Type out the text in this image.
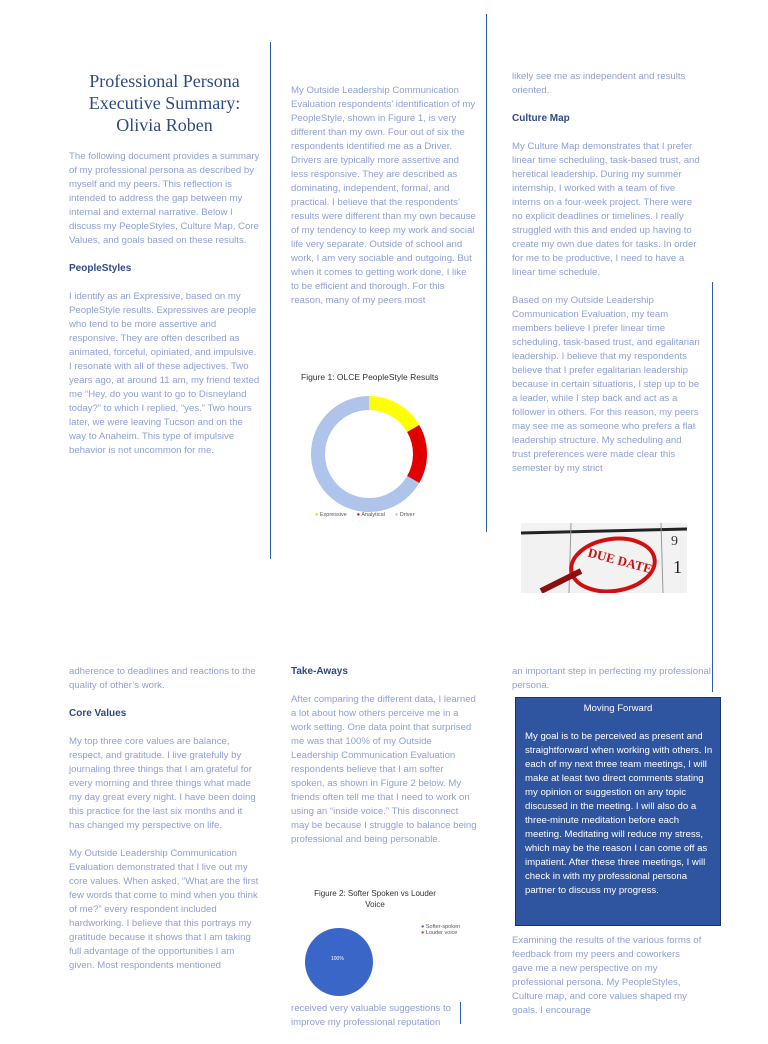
Professional Persona Executive Summary: Olivia Roben

The following document provides a summary of my professional persona as described by myself and my peers. This reflection is intended to address the gap between my internal and external narrative. Below I discuss my PeopleStyles, Culture Map, Core Values, and goals based on these results.

PeopleStyles

I identify as an Expressive, based on my PeopleStyle results. Expressives are people who tend to be more assertive and responsive. They are often described as animated, forceful, opiniated, and impulsive. I resonate with all of these adjectives. Two years ago, at around 11 am, my friend texted me “Hey, do you want to go to Disneyland today?” to which I replied, “yes.” Two hours later, we were leaving Tucson and on the way to Anaheim. This type of impulsive behavior is not uncommon for me.

My Outside Leadership Communication Evaluation respondents’ identification of my PeopleStyle, shown in Figure 1, is very different than my own. Four out of six the respondents identified me as a Driver. Drivers are typically more assertive and less responsive. They are described as dominating, independent, formal, and practical. I believe that the respondents’ results were different than my own because of my tendency to keep my work and social life very separate. Outside of school and work, I am very sociable and outgoing. But when it comes to getting work done, I like to be efficient and thorough. For this reason, many of my peers most

Figure 1: OLCE PeopleStyle Results
● Expressive ● Analytical ● Driver

likely see me as independent and results oriented.

Culture Map

My Culture Map demonstrates that I prefer linear time scheduling, task-based trust, and heretical leadership. During my summer internship, I worked with a team of five interns on a four-week project. There were no explicit deadlines or timelines. I really struggled with this and ended up having to create my own due dates for tasks. In order for me to be productive, I need to have a linear time schedule.

Based on my Outside Leadership Communication Evaluation, my team members believe I prefer linear time scheduling, task-based trust, and egalitarian leadership. I believe that my respondents believe that I prefer egalitarian leadership because in certain situations, I step up to be a leader, while I step back and act as a follower in others. For this reason, my peers may see me as someone who prefers a flat leadership structure. My scheduling and trust preferences were made clear this semester by my strict

9
DUE DATE 1

adherence to deadlines and reactions to the quality of other’s work.

Core Values

My top three core values are balance, respect, and gratitude. I live gratefully by journaling three things that I am grateful for every morning and three things what made my day great every night. I have been doing this practice for the last six months and it has changed my perspective on life.

My Outside Leadership Communication Evaluation demonstrated that I live out my core values. When asked, “What are the first few words that come to mind when you think of me?” every respondent included hardworking. I believe that this portrays my gratitude because it shows that I am taking full advantage of the opportunities I am given. Most respondents mentioned

Take-Aways

After comparing the different data, I learned a lot about how others perceive me in a work setting. One data point that surprised me was that 100% of my Outside Leadership Communication Evaluation respondents believe that I am softer spoken, as shown in Figure 2 below. My friends often tell me that I need to work on using an “inside voice.” This disconnect may be because I struggle to balance being professional and being personable.

Figure 2: Softer Spoken vs Louder Voice
● Softer-spoken
● Louder voice
100%

received very valuable suggestions to improve my professional reputation

an important step in perfecting my professional persona.

Moving Forward

My goal is to be perceived as present and straightforward when working with others. In each of my next three team meetings, I will make at least two direct comments stating my opinion or suggestion on any topic discussed in the meeting. I will also do a three-minute meditation before each meeting. Meditating will reduce my stress, which may be the reason I can come off as impatient. After these three meetings, I will check in with my professional persona partner to discuss my progress.

Examining the results of the various forms of feedback from my peers and coworkers gave me a new perspective on my professional persona. My PeopleStyles, Culture map, and core values shaped my goals. I encourage
